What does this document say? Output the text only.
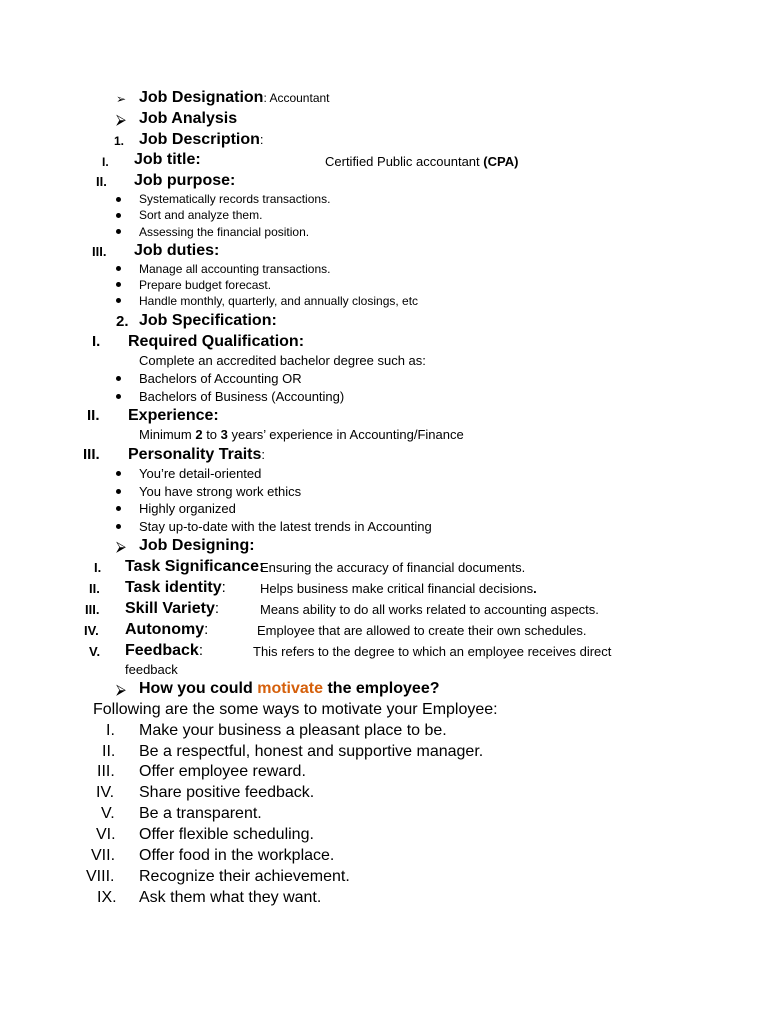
➢ Job Designation: Accountant
⮚ Job Analysis
1. Job Description:
I. Job title:	Certified Public accountant (CPA)
II. Job purpose:
Systematically records transactions.
Sort and analyze them.
Assessing the financial position.
III. Job duties:
Manage all accounting transactions.
Prepare budget forecast.
Handle monthly, quarterly, and annually closings, etc
2. Job Specification:
I. Required Qualification:
Complete an accredited bachelor degree such as:
Bachelors of Accounting OR
Bachelors of Business (Accounting)
II. Experience:
Minimum 2 to 3 years’ experience in Accounting/Finance
III. Personality Traits:
You’re detail-oriented
You have strong work ethics
Highly organized
Stay up-to-date with the latest trends in Accounting
⮚ Job Designing:
I. Task Significance:
Ensuring the accuracy of financial documents.
II. Task identity:	Helps business make critical financial decisions.
III. Skill Variety:	Means ability to do all works related to accounting aspects.
IV. Autonomy:	Employee that are allowed to create their own schedules.
V. Feedback:	This refers to the degree to which an employee receives direct
feedback
⮚ How you could motivate the employee?
Following are the some ways to motivate your Employee:
I. Make your business a pleasant place to be.
II. Be a respectful, honest and supportive manager.
III. Offer employee reward.
IV. Share positive feedback.
V. Be a transparent.
VI. Offer flexible scheduling.
VII. Offer food in the workplace.
VIII. Recognize their achievement.
IX. Ask them what they want.
